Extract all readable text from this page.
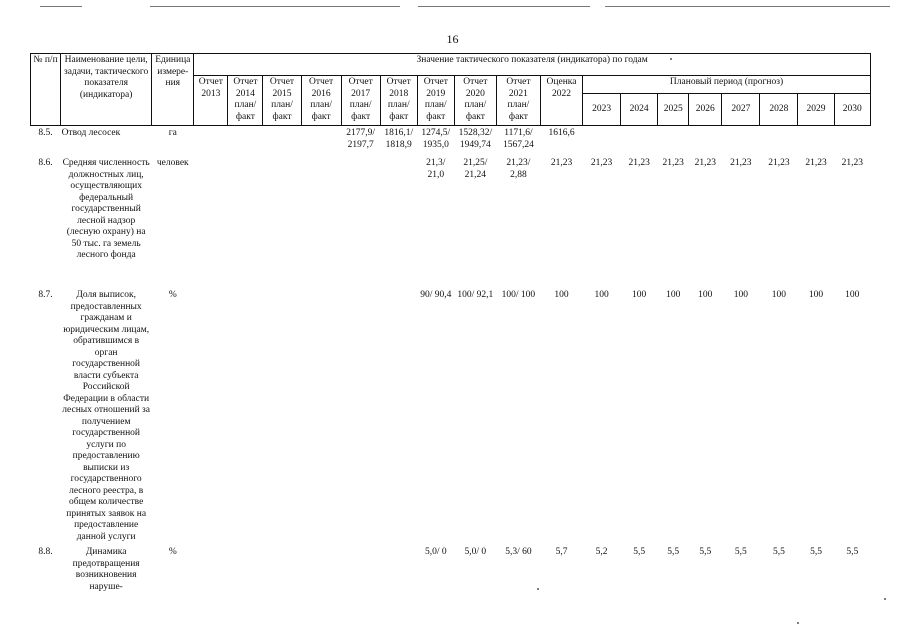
16
№ п/п	Наименование цели, задачи, тактического показателя (индикатора)	Единица измере-ния	Значение тактического показателя (индикатора) по годам																	
			Отчет 2013	Отчет 2014 план/ факт	Отчет 2015 план/ факт	Отчет 2016 план/ факт	Отчет 2017 план/ факт	Отчет 2018 план/ факт	Отчет 2019 план/ факт	Отчет 2020 план/ факт	Отчет 2021 план/ факт	Оценка 2022	Плановый период (прогноз)							
													2023	2024	2025	2026	2027	2028	2029	2030
8.5.	Отвод лесосек	га					2177,9/ 2197,7	1816,1/ 1818,9	1274,5/ 1935,0	1528,32/ 1949,74	1171,6/ 1567,24	1616,6								
8.6.	Средняя численность должностных лиц, осуществляющих федеральный государственный лесной надзор (лесную охрану) на 50 тыс. га земель лесного фонда	человек							21,3/ 21,0	21,25/ 21,24	21,23/ 2,88	21,23	21,23	21,23	21,23	21,23	21,23	21,23	21,23	21,23
8.7.	Доля выписок, предоставленных гражданам и юридическим лицам, обратившимся в орган государственной власти субъекта Российской Федерации в области лесных отношений за получением государственной услуги по предоставлению выписки из государственного лесного реестра, в общем количестве принятых заявок на предоставление данной услуги	%							90/ 90,4	100/ 92,1	100/ 100	100	100	100	100	100	100	100	100	100
8.8.	Динамика предотвращения возникновения наруше-	%							5,0/ 0	5,0/ 0	5,3/ 60	5,7	5,2	5,5	5,5	5,5	5,5	5,5	5,5	5,5
